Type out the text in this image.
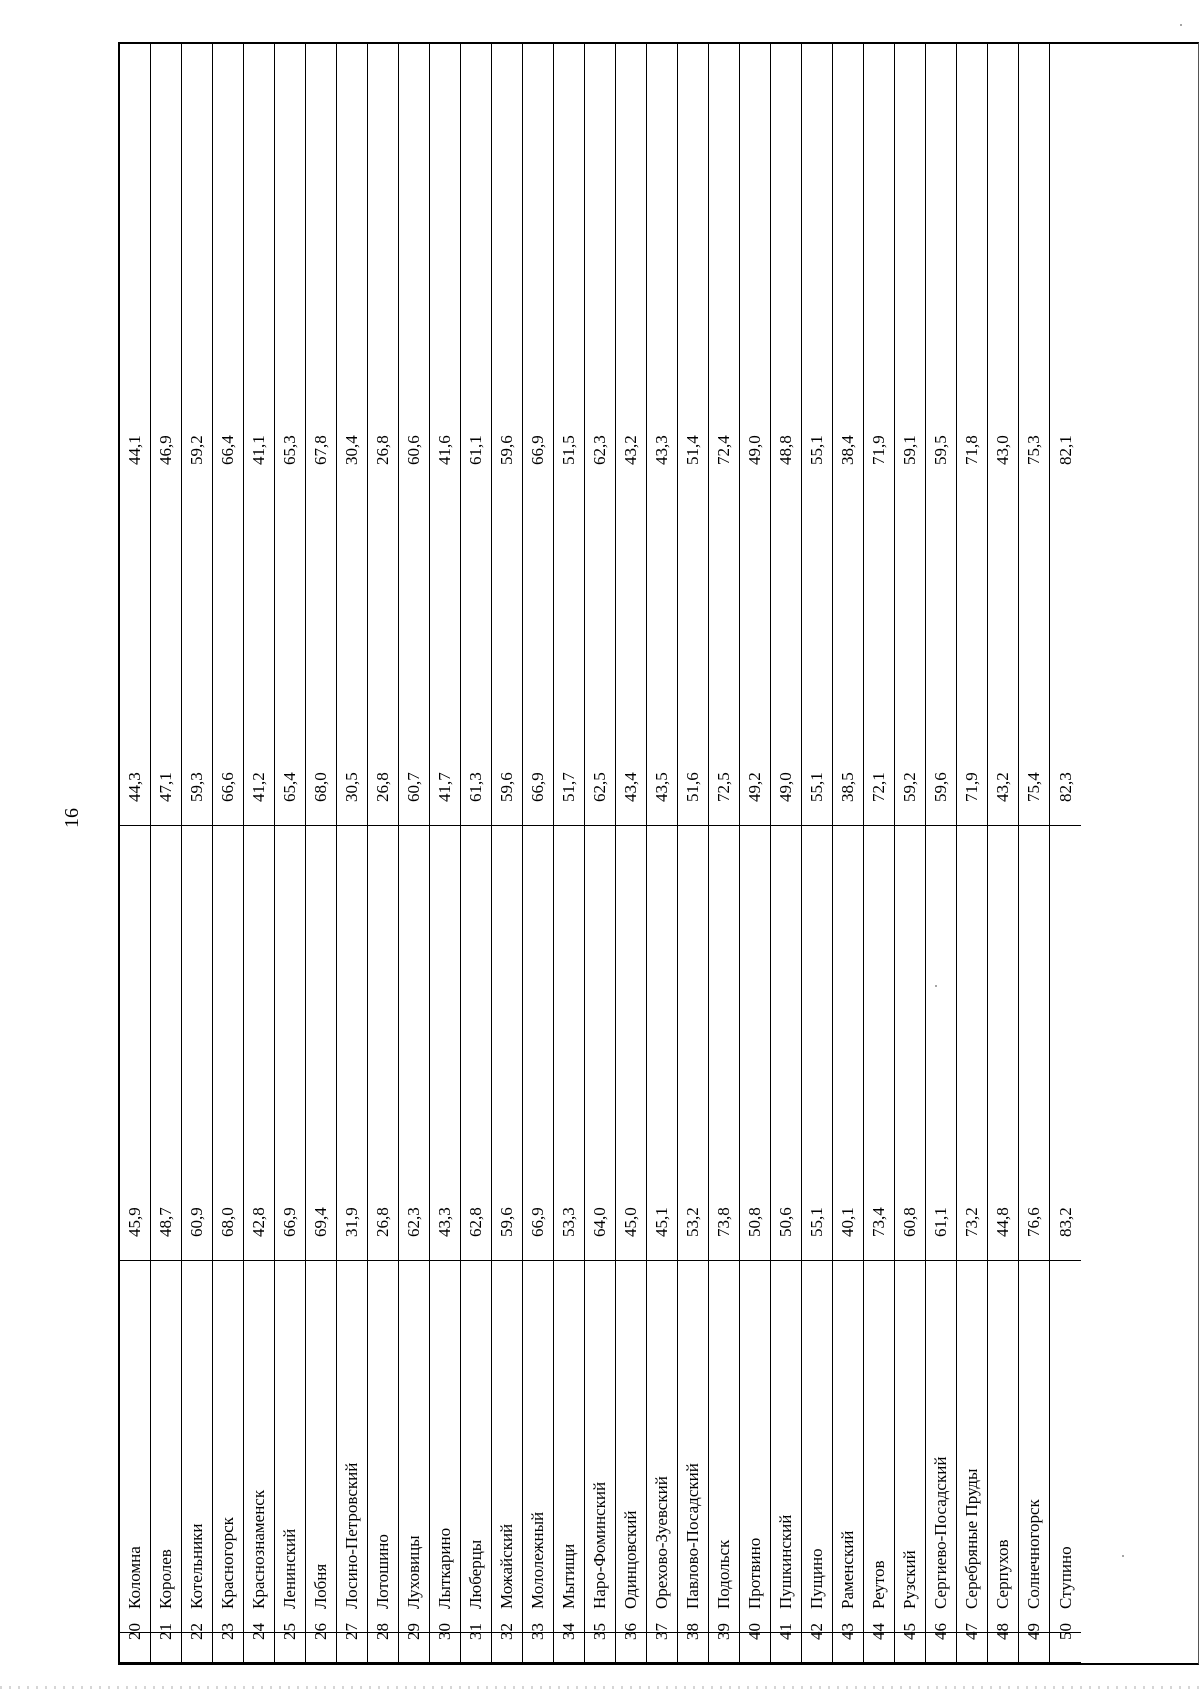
16
20
Коломна
45,9
44,3
44,1
21
Королев
48,7
47,1
46,9
22
Котельники
60,9
59,3
59,2
23
Красногорск
68,0
66,6
66,4
24
Краснознаменск
42,8
41,2
41,1
25
Ленинский
66,9
65,4
65,3
26
Лобня
69,4
68,0
67,8
27
Лосино-Петровский
31,9
30,5
30,4
28
Лотошино
26,8
26,8
26,8
29
Луховицы
62,3
60,7
60,6
30
Лыткарино
43,3
41,7
41,6
31
Люберцы
62,8
61,3
61,1
32
Можайский
59,6
59,6
59,6
33
Мололежный
66,9
66,9
66,9
34
Мытищи
53,3
51,7
51,5
35
Наро-Фоминский
64,0
62,5
62,3
36
Одинцовский
45,0
43,4
43,2
37
Орехово-Зуевский
45,1
43,5
43,3
38
Павлово-Посадский
53,2
51,6
51,4
39
Подольск
73,8
72,5
72,4
40
Протвино
50,8
49,2
49,0
41
Пушкинский
50,6
49,0
48,8
42
Пущино
55,1
55,1
55,1
43
Раменский
40,1
38,5
38,4
44
Реутов
73,4
72,1
71,9
45
Рузский
60,8
59,2
59,1
46
Сергиево-Посадский
61,1
59,6
59,5
47
Серебряные Пруды
73,2
71,9
71,8
48
Серпухов
44,8
43,2
43,0
49
Солнечногорск
76,6
75,4
75,3
50
Ступино
83,2
82,3
82,1
